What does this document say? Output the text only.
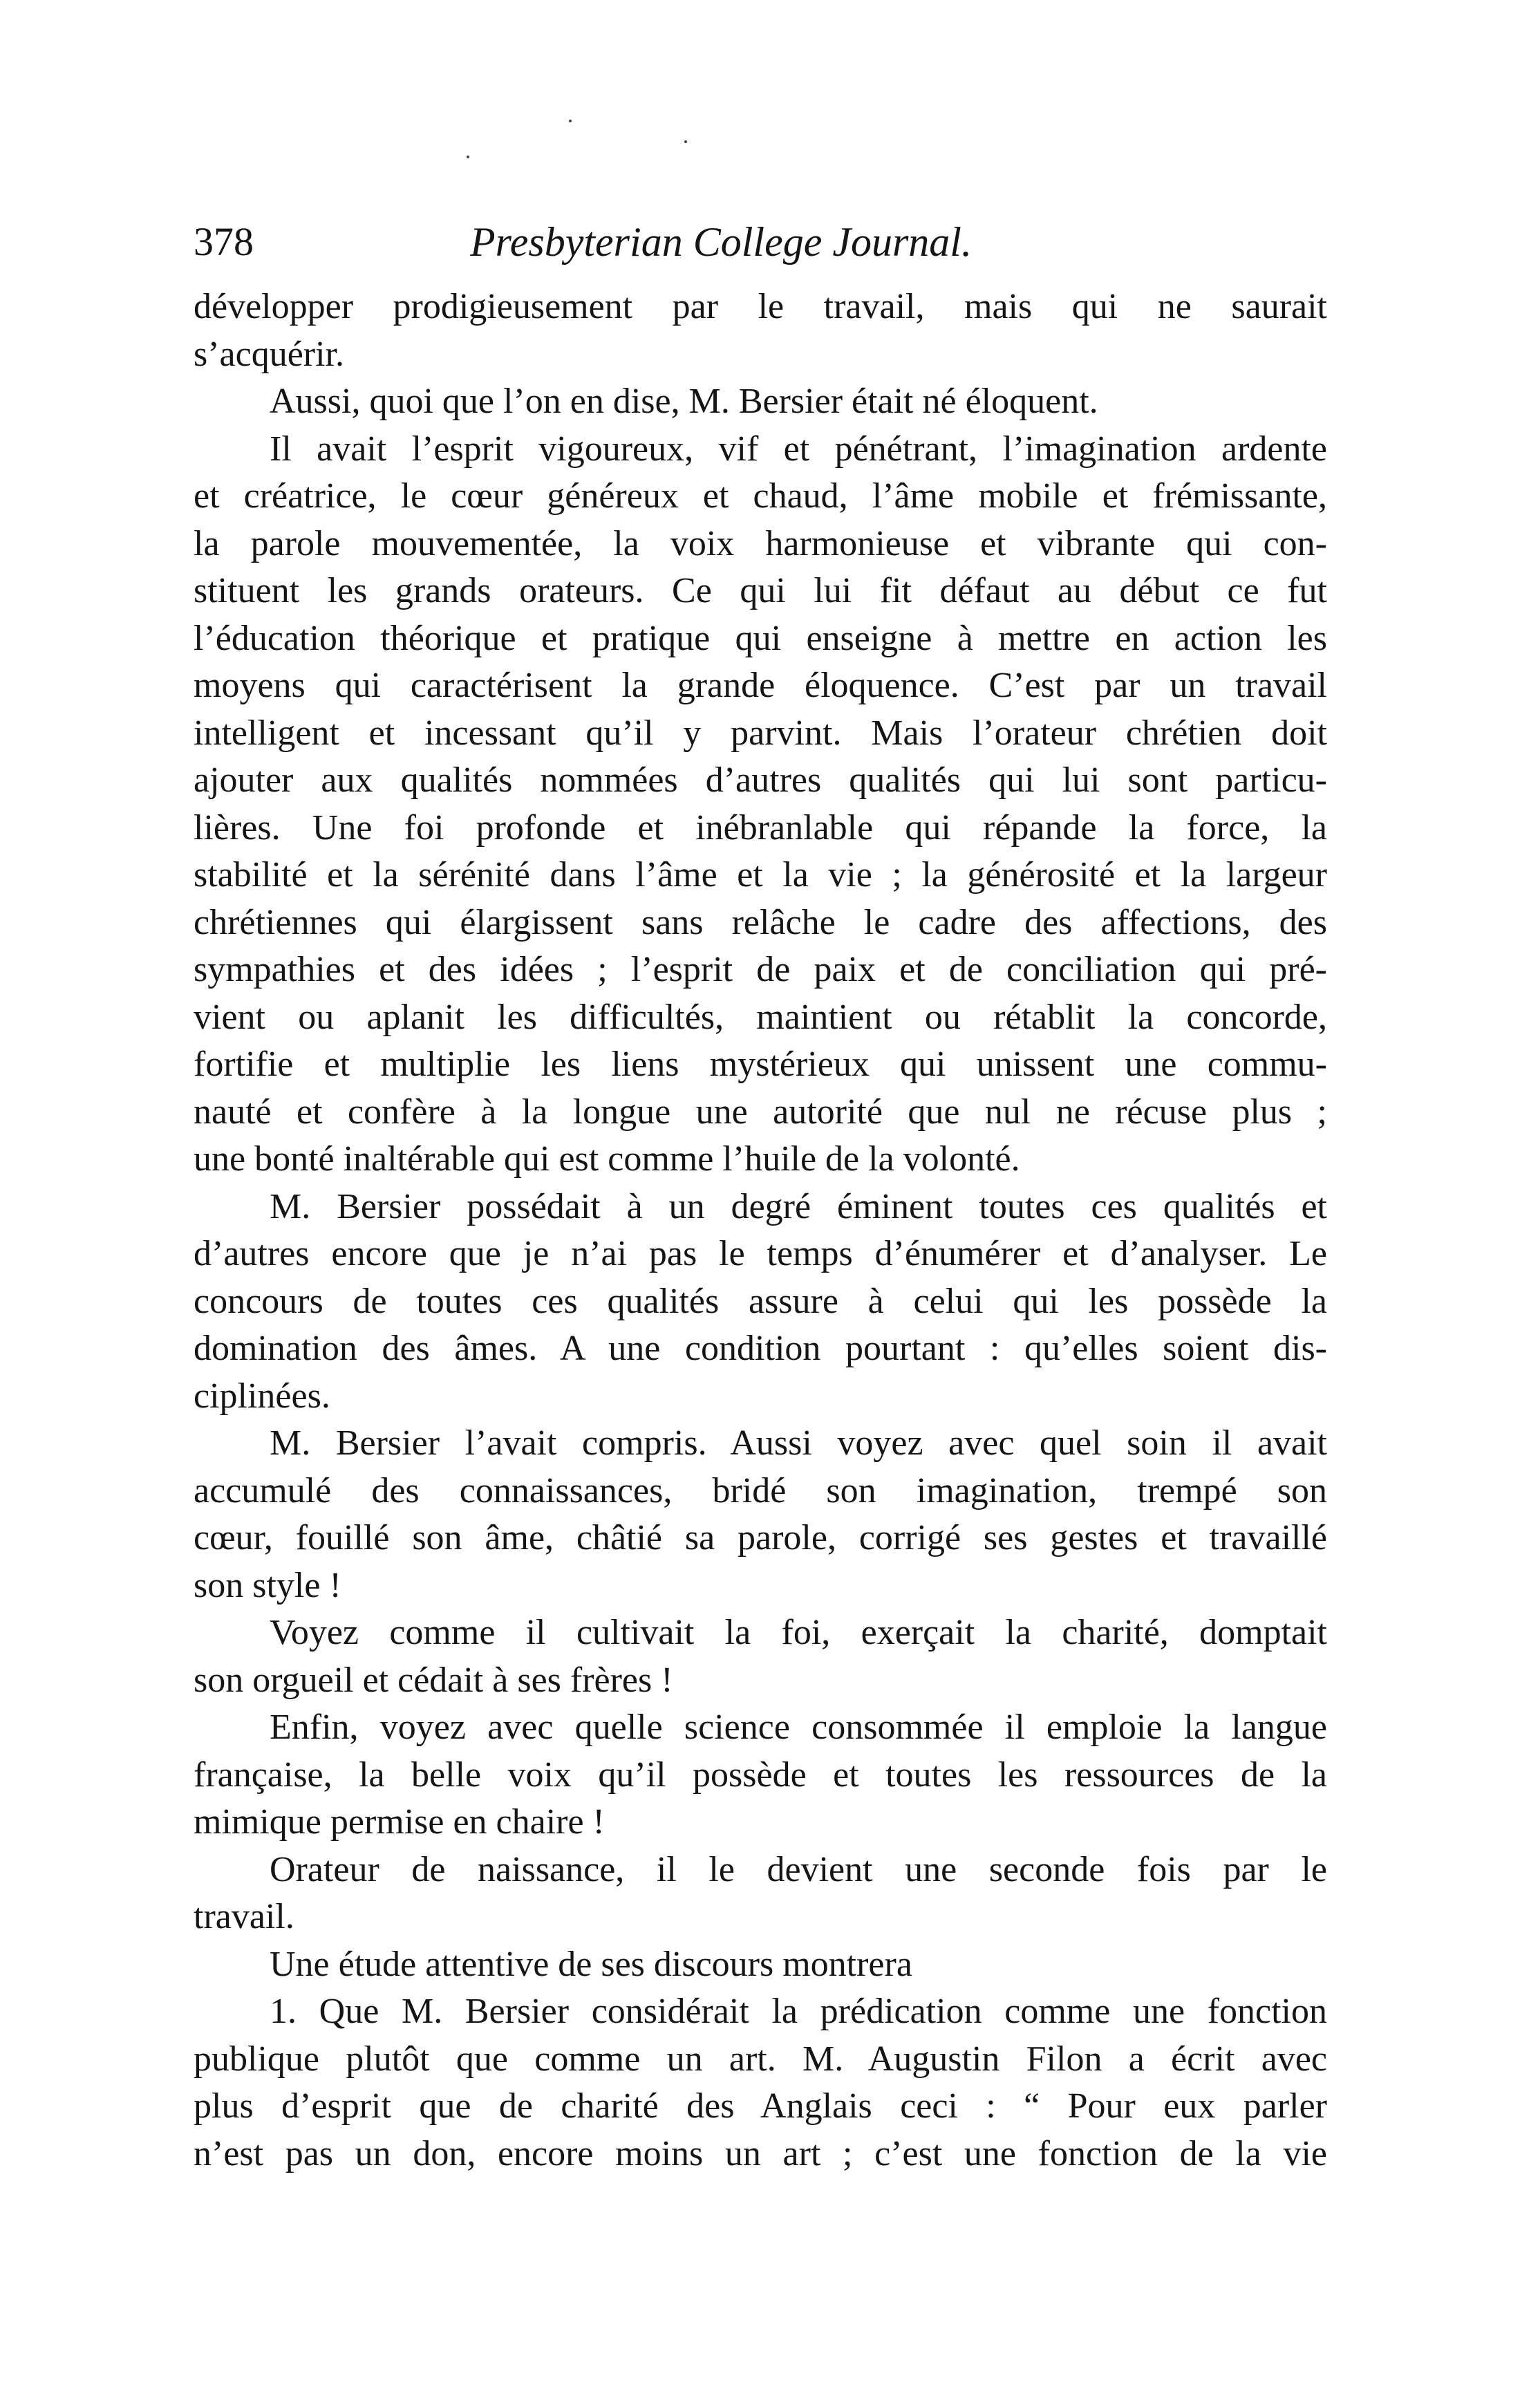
378	Presbyterian College Journal.
développer prodigieusement par le travail, mais qui ne saurait
s’acquérir.
Aussi, quoi que l’on en dise, M. Bersier était né éloquent.
Il avait l’esprit vigoureux, vif et pénétrant, l’imagination ardente
et créatrice, le cœur généreux et chaud, l’âme mobile et frémissante,
la parole mouvementée, la voix harmonieuse et vibrante qui con-
stituent les grands orateurs. Ce qui lui fit défaut au début ce fut
l’éducation théorique et pratique qui enseigne à mettre en action les
moyens qui caractérisent la grande éloquence. C’est par un travail
intelligent et incessant qu’il y parvint. Mais l’orateur chrétien doit
ajouter aux qualités nommées d’autres qualités qui lui sont particu-
lières. Une foi profonde et inébranlable qui répande la force, la
stabilité et la sérénité dans l’âme et la vie ; la générosité et la largeur
chrétiennes qui élargissent sans relâche le cadre des affections, des
sympathies et des idées ; l’esprit de paix et de conciliation qui pré-
vient ou aplanit les difficultés, maintient ou rétablit la concorde,
fortifie et multiplie les liens mystérieux qui unissent une commu-
nauté et confère à la longue une autorité que nul ne récuse plus ;
une bonté inaltérable qui est comme l’huile de la volonté.
M. Bersier possédait à un degré éminent toutes ces qualités et
d’autres encore que je n’ai pas le temps d’énumérer et d’analyser. Le
concours de toutes ces qualités assure à celui qui les possède la
domination des âmes. A une condition pourtant : qu’elles soient dis-
ciplinées.
M. Bersier l’avait compris. Aussi voyez avec quel soin il avait
accumulé des connaissances, bridé son imagination, trempé son
cœur, fouillé son âme, châtié sa parole, corrigé ses gestes et travaillé
son style !
Voyez comme il cultivait la foi, exerçait la charité, domptait
son orgueil et cédait à ses frères !
Enfin, voyez avec quelle science consommée il emploie la langue
française, la belle voix qu’il possède et toutes les ressources de la
mimique permise en chaire !
Orateur de naissance, il le devient une seconde fois par le
travail.
Une étude attentive de ses discours montrera
1. Que M. Bersier considérait la prédication comme une fonction
publique plutôt que comme un art. M. Augustin Filon a écrit avec
plus d’esprit que de charité des Anglais ceci : “ Pour eux parler
n’est pas un don, encore moins un art ; c’est une fonction de la vie
